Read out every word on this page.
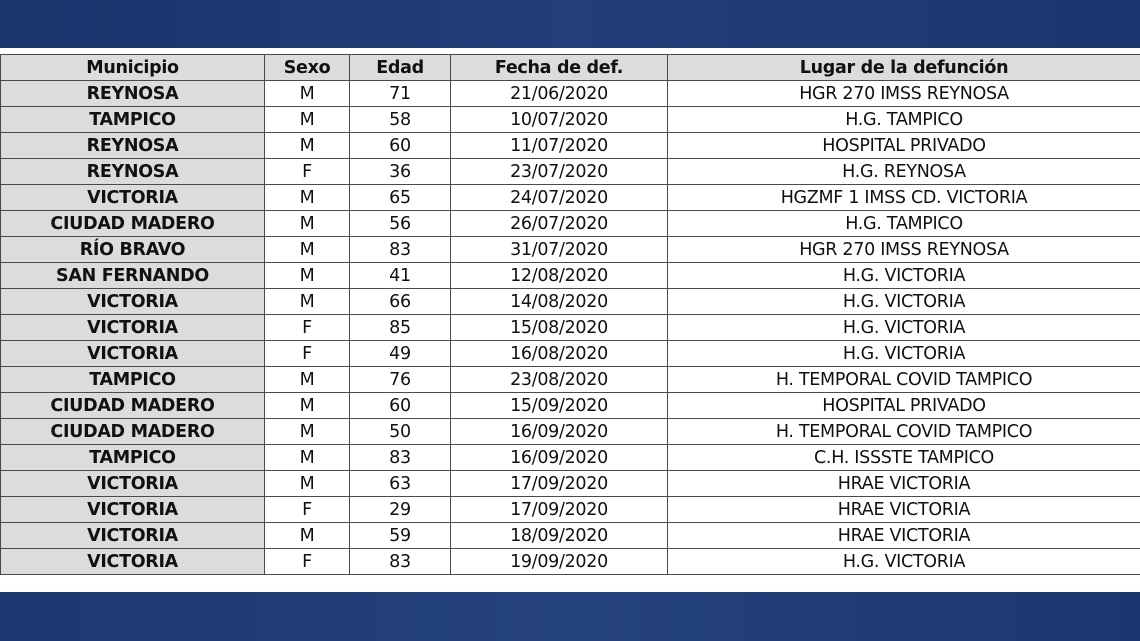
Municipio	Sexo	Edad	Fecha de def.	Lugar de la defunción
REYNOSA	M	71	21/06/2020	HGR 270 IMSS REYNOSA
TAMPICO	M	58	10/07/2020	H.G. TAMPICO
REYNOSA	M	60	11/07/2020	HOSPITAL PRIVADO
REYNOSA	F	36	23/07/2020	H.G. REYNOSA
VICTORIA	M	65	24/07/2020	HGZMF 1 IMSS CD. VICTORIA
CIUDAD MADERO	M	56	26/07/2020	H.G. TAMPICO
RÍO BRAVO	M	83	31/07/2020	HGR 270 IMSS REYNOSA
SAN FERNANDO	M	41	12/08/2020	H.G. VICTORIA
VICTORIA	M	66	14/08/2020	H.G. VICTORIA
VICTORIA	F	85	15/08/2020	H.G. VICTORIA
VICTORIA	F	49	16/08/2020	H.G. VICTORIA
TAMPICO	M	76	23/08/2020	H. TEMPORAL COVID TAMPICO
CIUDAD MADERO	M	60	15/09/2020	HOSPITAL PRIVADO
CIUDAD MADERO	M	50	16/09/2020	H. TEMPORAL COVID TAMPICO
TAMPICO	M	83	16/09/2020	C.H. ISSSTE TAMPICO
VICTORIA	M	63	17/09/2020	HRAE VICTORIA
VICTORIA	F	29	17/09/2020	HRAE VICTORIA
VICTORIA	M	59	18/09/2020	HRAE VICTORIA
VICTORIA	F	83	19/09/2020	H.G. VICTORIA
